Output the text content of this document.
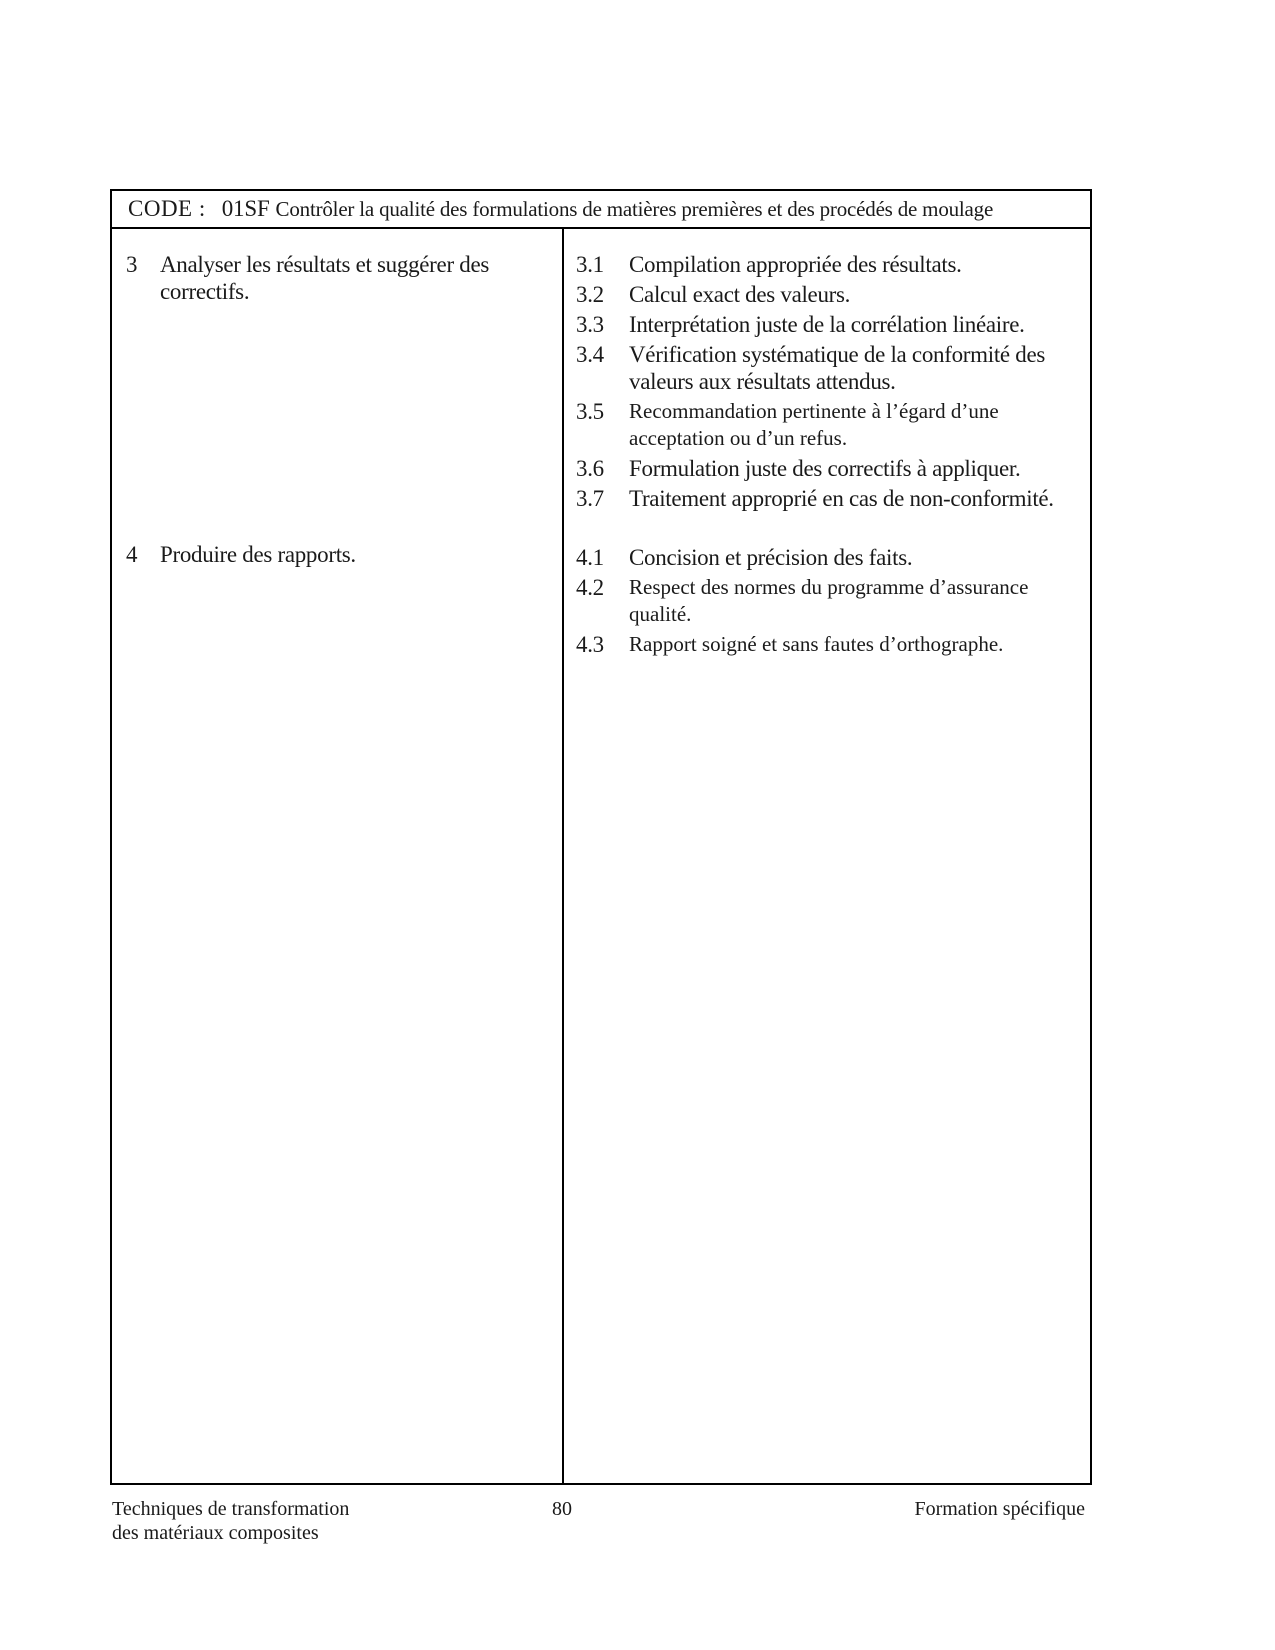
CODE : 01SF Contrôler la qualité des formulations de matières premières et des procédés de moulage
3 Analyser les résultats et suggérer des correctifs.
4 Produire des rapports.
3.1	Compilation appropriée des résultats.
3.2	Calcul exact des valeurs.
3.3	Interprétation juste de la corrélation linéaire.
3.4	Vérification systématique de la conformité des valeurs aux résultats attendus.
3.5	Recommandation pertinente à l’égard d’une acceptation ou d’un refus.
3.6	Formulation juste des correctifs à appliquer.
3.7	Traitement approprié en cas de non-conformité.
4.1	Concision et précision des faits.
4.2	Respect des normes du programme d’assurance qualité.
4.3	Rapport soigné et sans fautes d’orthographe.
Techniques de transformation
des matériaux composites
80	Formation spécifique
